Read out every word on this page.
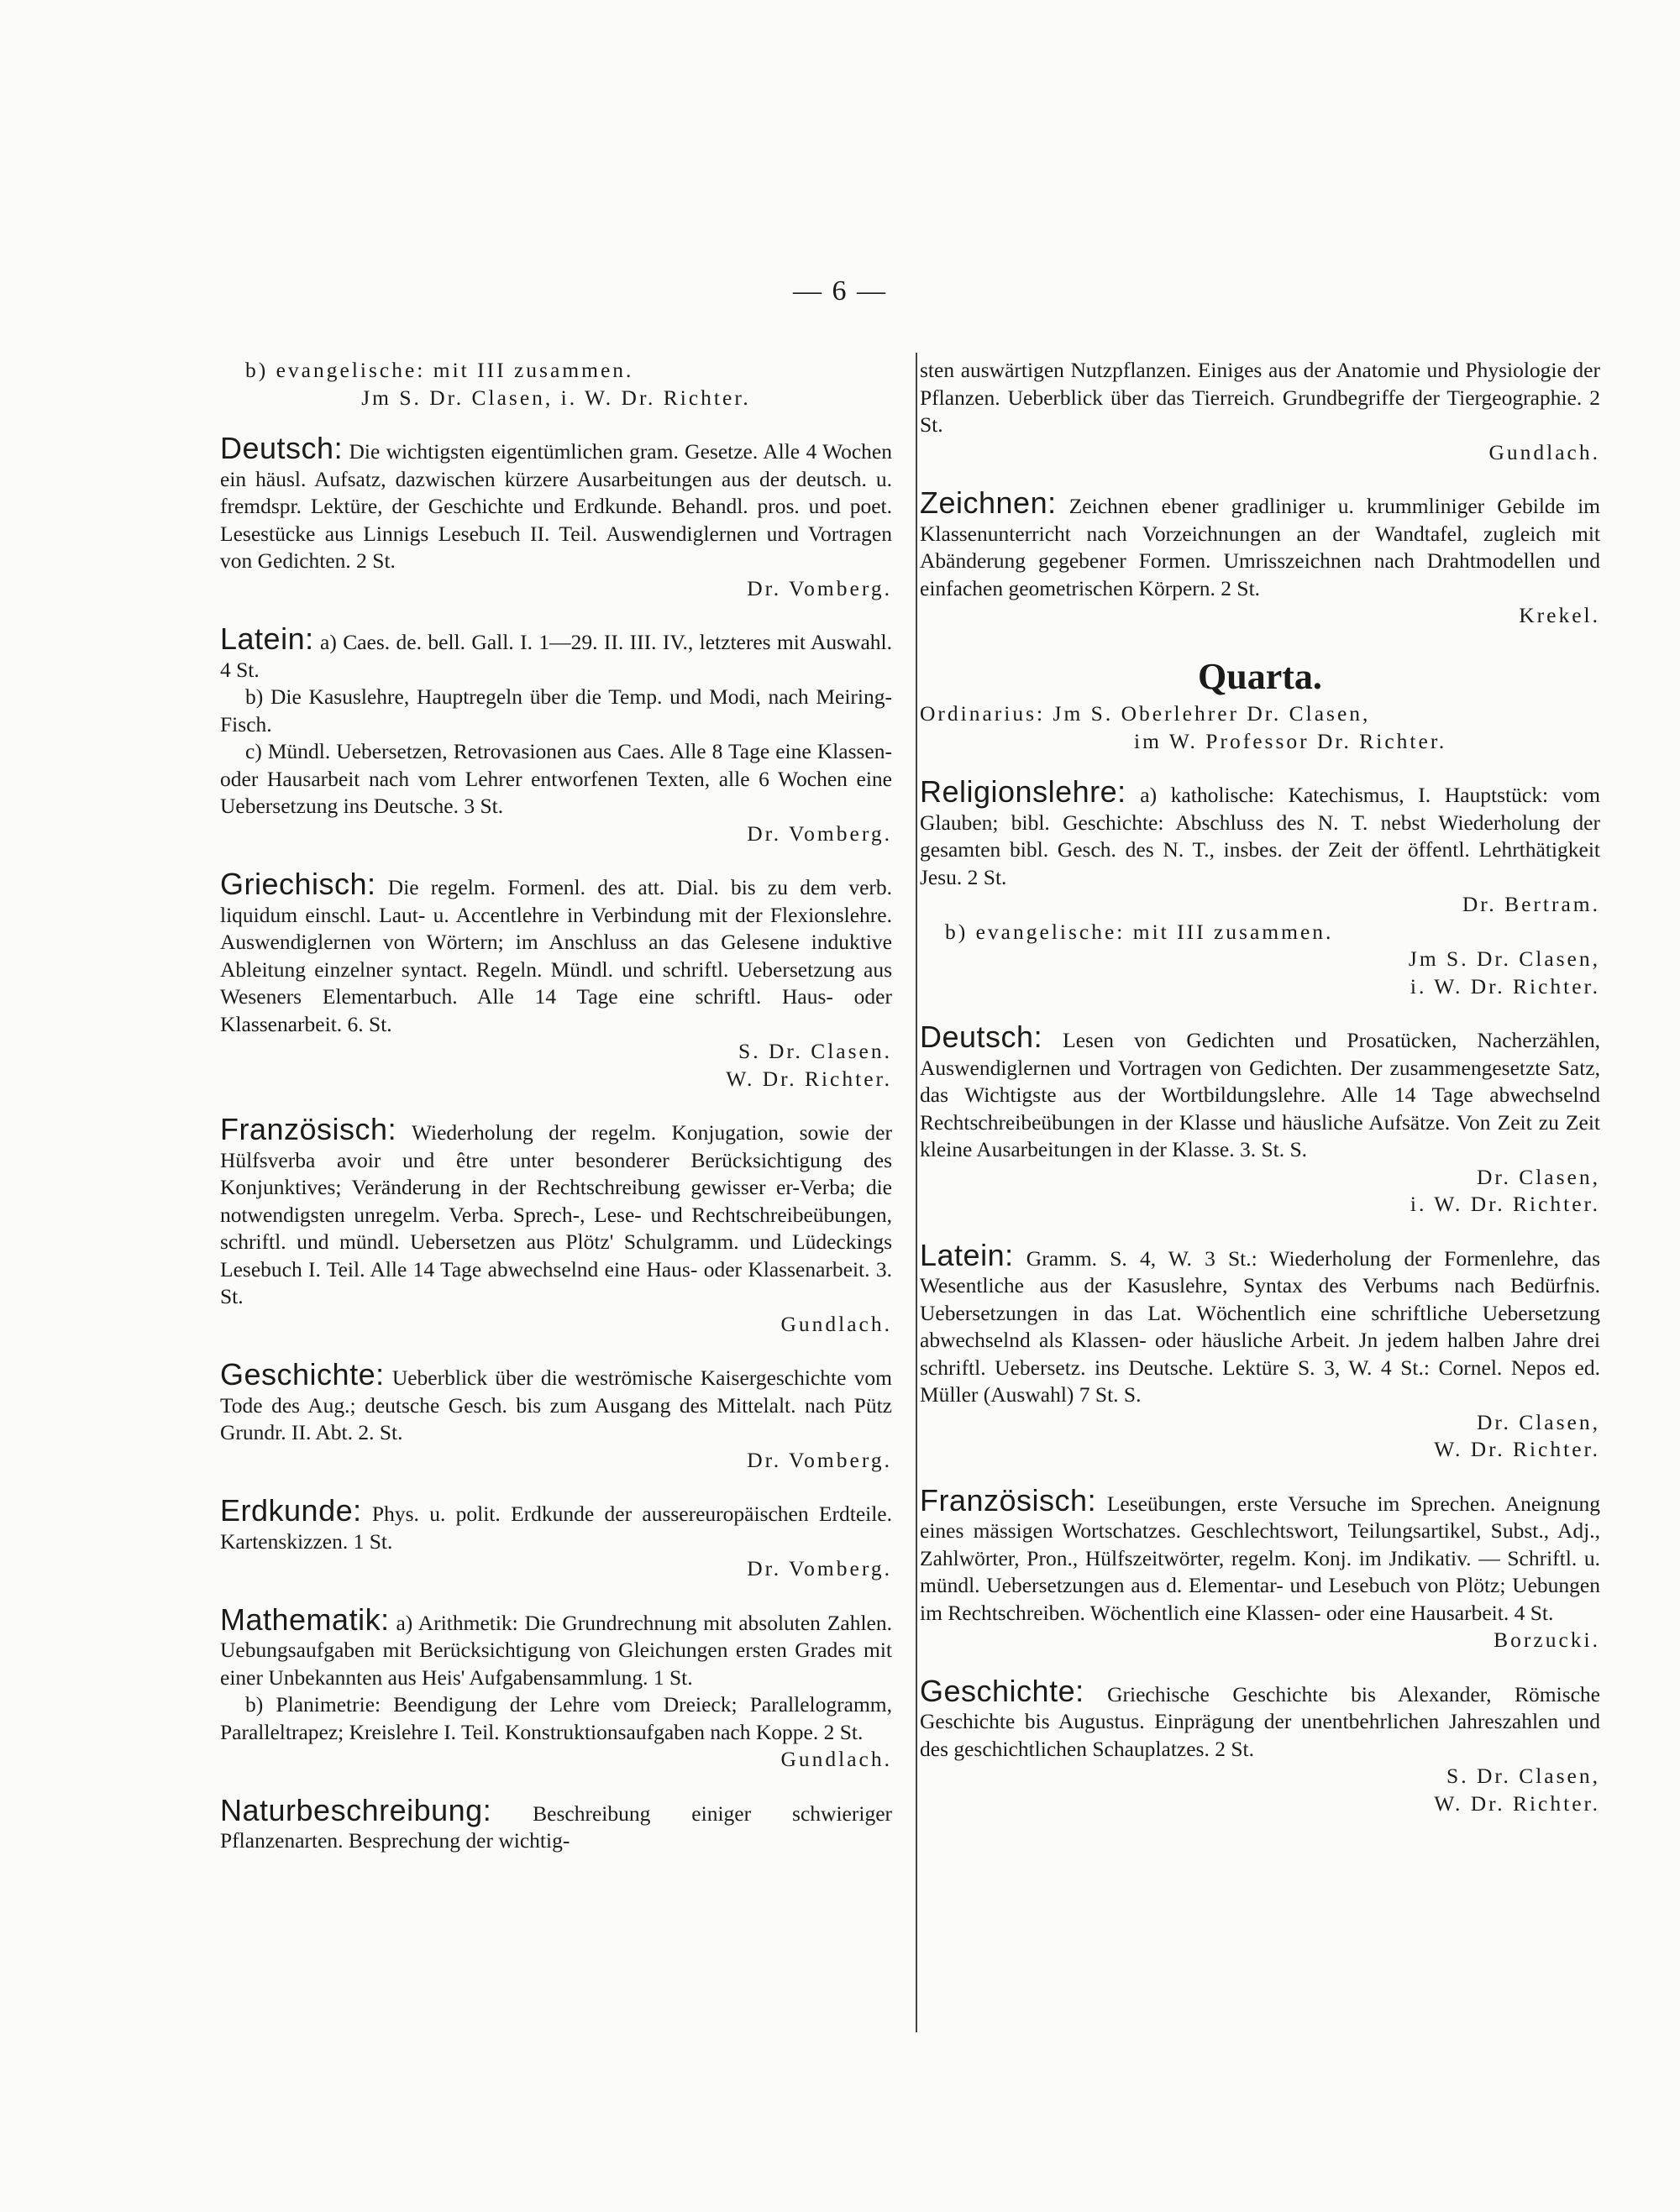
— 6 —

b) evangelische: mit III zusammen.

Jm S. Dr. Clasen, i. W. Dr. Richter.

Deutsch: Die wichtigsten eigentümlichen gram. Gesetze. Alle 4 Wochen ein häusl. Aufsatz, dazwischen kürzere Ausarbeitungen aus der deutsch. u. fremdspr. Lektüre, der Geschichte und Erdkunde. Behandl. pros. und poet. Lesestücke aus Linnigs Lesebuch II. Teil. Auswendiglernen und Vortragen von Gedichten. 2 St.

Dr. Vomberg.

Latein: a) Caes. de. bell. Gall. I. 1—29. II. III. IV., letzteres mit Auswahl. 4 St.

b) Die Kasuslehre, Hauptregeln über die Temp. und Modi, nach Meiring-Fisch.

c) Mündl. Uebersetzen, Retrovasionen aus Caes. Alle 8 Tage eine Klassen- oder Hausarbeit nach vom Lehrer entworfenen Texten, alle 6 Wochen eine Uebersetzung ins Deutsche. 3 St.

Dr. Vomberg.

Griechisch: Die regelm. Formenl. des att. Dial. bis zu dem verb. liquidum einschl. Laut- u. Accentlehre in Verbindung mit der Flexionslehre. Auswendiglernen von Wörtern; im Anschluss an das Gelesene induktive Ableitung einzelner syntact. Regeln. Mündl. und schriftl. Uebersetzung aus Weseners Elementarbuch. Alle 14 Tage eine schriftl. Haus- oder Klassenarbeit. 6. St.

S. Dr. Clasen.

W. Dr. Richter.

Französisch: Wiederholung der regelm. Konjugation, sowie der Hülfsverba avoir und être unter besonderer Berücksichtigung des Konjunktives; Veränderung in der Rechtschreibung gewisser er-Verba; die notwendigsten unregelm. Verba. Sprech-, Lese- und Rechtschreibeübungen, schriftl. und mündl. Uebersetzen aus Plötz' Schulgramm. und Lüdeckings Lesebuch I. Teil. Alle 14 Tage abwechselnd eine Haus- oder Klassenarbeit. 3. St.

Gundlach.

Geschichte: Ueberblick über die weströmische Kaisergeschichte vom Tode des Aug.; deutsche Gesch. bis zum Ausgang des Mittelalt. nach Pütz Grundr. II. Abt. 2. St.

Dr. Vomberg.

Erdkunde: Phys. u. polit. Erdkunde der aussereuropäischen Erdteile. Kartenskizzen. 1 St.

Dr. Vomberg.

Mathematik: a) Arithmetik: Die Grundrechnung mit absoluten Zahlen. Uebungsaufgaben mit Berücksichtigung von Gleichungen ersten Grades mit einer Unbekannten aus Heis' Aufgabensammlung. 1 St.

b) Planimetrie: Beendigung der Lehre vom Dreieck; Parallelogramm, Paralleltrapez; Kreislehre I. Teil. Konstruktionsaufgaben nach Koppe. 2 St.

Gundlach.

Naturbeschreibung: Beschreibung einiger schwieriger Pflanzenarten. Besprechung der wichtig-

sten auswärtigen Nutzpflanzen. Einiges aus der Anatomie und Physiologie der Pflanzen. Ueberblick über das Tierreich. Grundbegriffe der Tiergeographie. 2 St.

Gundlach.

Zeichnen: Zeichnen ebener gradliniger u. krummliniger Gebilde im Klassenunterricht nach Vorzeichnungen an der Wandtafel, zugleich mit Abänderung gegebener Formen. Umrisszeichnen nach Drahtmodellen und einfachen geometrischen Körpern. 2 St.

Krekel.

Quarta.

Ordinarius: Jm S. Oberlehrer Dr. Clasen,

im W. Professor Dr. Richter.

Religionslehre: a) katholische: Katechismus, I. Hauptstück: vom Glauben; bibl. Geschichte: Abschluss des N. T. nebst Wiederholung der gesamten bibl. Gesch. des N. T., insbes. der Zeit der öffentl. Lehrthätigkeit Jesu. 2 St.

Dr. Bertram.

b) evangelische: mit III zusammen.

Jm S. Dr. Clasen,

i. W. Dr. Richter.

Deutsch: Lesen von Gedichten und Prosatücken, Nacherzählen, Auswendiglernen und Vortragen von Gedichten. Der zusammengesetzte Satz, das Wichtigste aus der Wortbildungslehre. Alle 14 Tage abwechselnd Rechtschreibeübungen in der Klasse und häusliche Aufsätze. Von Zeit zu Zeit kleine Ausarbeitungen in der Klasse. 3. St. S.

Dr. Clasen,

i. W. Dr. Richter.

Latein: Gramm. S. 4, W. 3 St.: Wiederholung der Formenlehre, das Wesentliche aus der Kasuslehre, Syntax des Verbums nach Bedürfnis. Uebersetzungen in das Lat. Wöchentlich eine schriftliche Uebersetzung abwechselnd als Klassen- oder häusliche Arbeit. Jn jedem halben Jahre drei schriftl. Uebersetz. ins Deutsche. Lektüre S. 3, W. 4 St.: Cornel. Nepos ed. Müller (Auswahl) 7 St. S.

Dr. Clasen,

W. Dr. Richter.

Französisch: Leseübungen, erste Versuche im Sprechen. Aneignung eines mässigen Wortschatzes. Geschlechtswort, Teilungsartikel, Subst., Adj., Zahlwörter, Pron., Hülfszeitwörter, regelm. Konj. im Jndikativ. — Schriftl. u. mündl. Uebersetzungen aus d. Elementar- und Lesebuch von Plötz; Uebungen im Rechtschreiben. Wöchentlich eine Klassen- oder eine Hausarbeit. 4 St.

Borzucki.

Geschichte: Griechische Geschichte bis Alexander, Römische Geschichte bis Augustus. Einprägung der unentbehrlichen Jahreszahlen und des geschichtlichen Schauplatzes. 2 St.

S. Dr. Clasen,

W. Dr. Richter.
